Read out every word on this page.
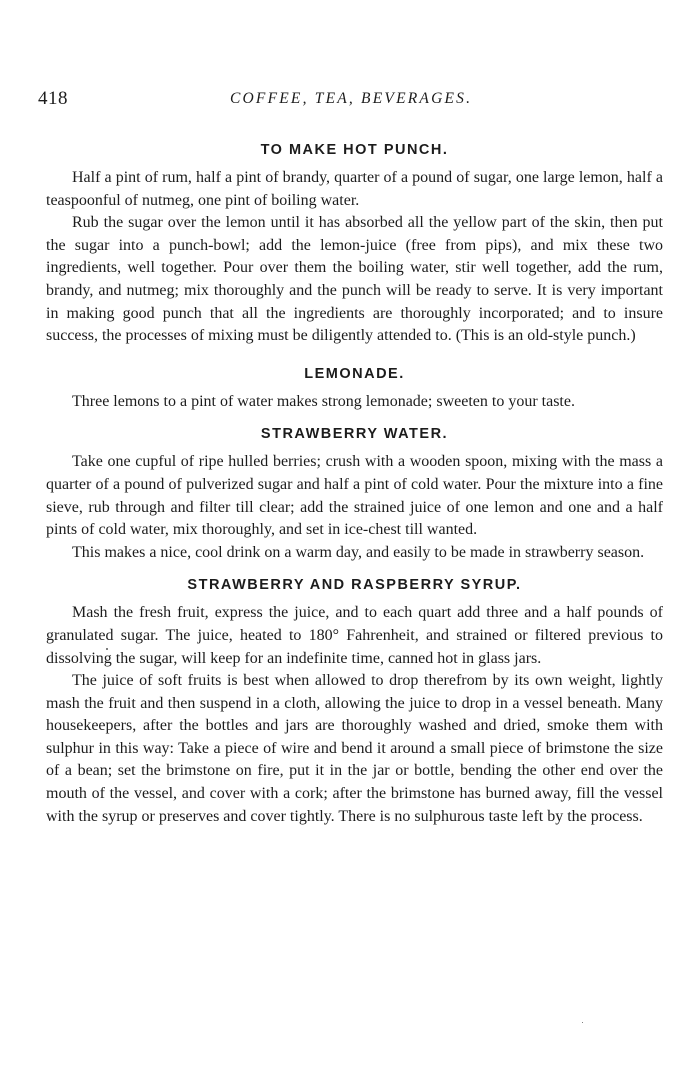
418	COFFEE, TEA, BEVERAGES.
TO MAKE HOT PUNCH.

Half a pint of rum, half a pint of brandy, quarter of a pound of sugar, one large lemon, half a teaspoonful of nutmeg, one pint of boiling water.

Rub the sugar over the lemon until it has absorbed all the yellow part of the skin, then put the sugar into a punch-bowl; add the lemon-juice (free from pips), and mix these two ingredients, well together. Pour over them the boiling water, stir well together, add the rum, brandy, and nutmeg; mix thoroughly and the punch will be ready to serve. It is very important in making good punch that all the ingredients are thoroughly incorporated; and to insure success, the processes of mixing must be diligently attended to. (This is an old-style punch.)

LEMONADE.

Three lemons to a pint of water makes strong lemonade; sweeten to your taste.

STRAWBERRY WATER.

Take one cupful of ripe hulled berries; crush with a wooden spoon, mixing with the mass a quarter of a pound of pulverized sugar and half a pint of cold water. Pour the mixture into a fine sieve, rub through and filter till clear; add the strained juice of one lemon and one and a half pints of cold water, mix thoroughly, and set in ice-chest till wanted.

This makes a nice, cool drink on a warm day, and easily to be made in strawberry season.

STRAWBERRY AND RASPBERRY SYRUP.

Mash the fresh fruit, express the juice, and to each quart add three and a half pounds of granulated sugar. The juice, heated to 180° Fahrenheit, and strained or filtered previous to dissolving the sugar, will keep for an indefinite time, canned hot in glass jars.

The juice of soft fruits is best when allowed to drop therefrom by its own weight, lightly mash the fruit and then suspend in a cloth, allowing the juice to drop in a vessel beneath. Many housekeepers, after the bottles and jars are thoroughly washed and dried, smoke them with sulphur in this way: Take a piece of wire and bend it around a small piece of brimstone the size of a bean; set the brimstone on fire, put it in the jar or bottle, bending the other end over the mouth of the vessel, and cover with a cork; after the brimstone has burned away, fill the vessel with the syrup or preserves and cover tightly. There is no sulphurous taste left by the process.
